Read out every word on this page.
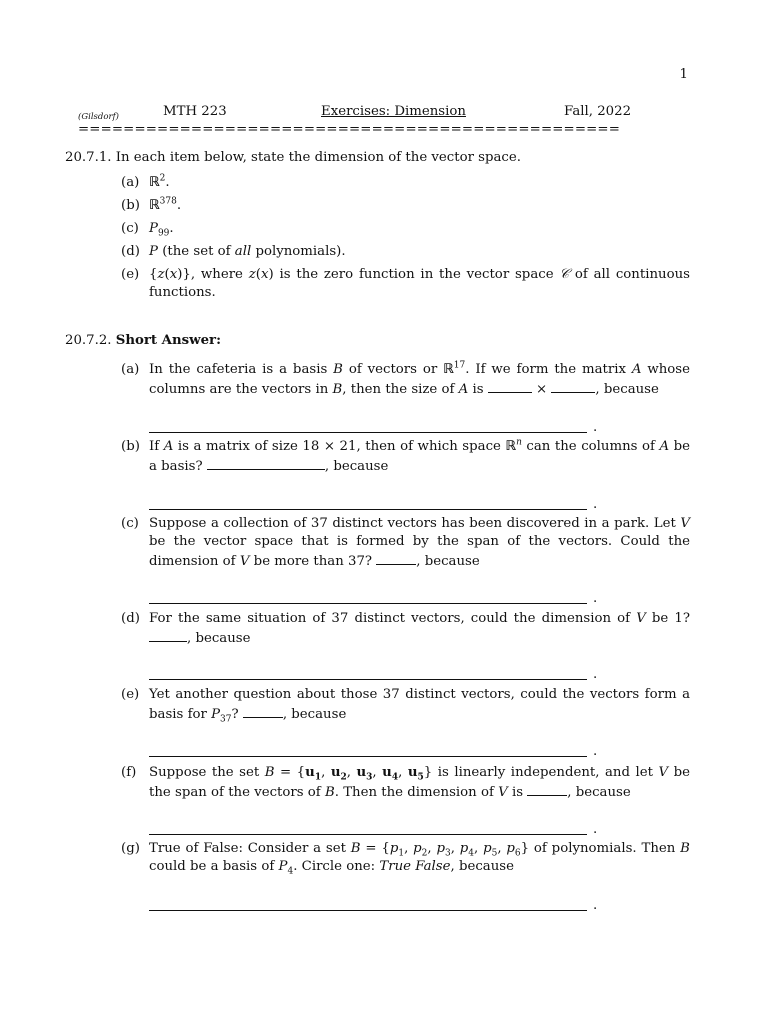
1
(Gilsdorf)	MTH 223	Exercises: Dimension	Fall, 2022
================================================
20.7.1. In each item below, state the dimension of the vector space.
(a) ℝ$^2$.
(b) ℝ$^{378}$.
(c) $P_{99}$.
(d) P (the set of all polynomials).
(e) {z(x)}, where z(x) is the zero function in the vector space 𝒞 of all continuous functions.
20.7.2. Short Answer:
(a) In the cafeteria is a basis B of vectors or ℝ$^{17}$. If we form the matrix A whose columns are the vectors in B, then the size of A is	×	, because
.
(b) If A is a matrix of size 18 × 21, then of which space ℝ$^n$ can the columns of A be a basis?	, because
.
(c) Suppose a collection of 37 distinct vectors has been discovered in a park. Let V be the vector space that is formed by the span of the vectors. Could the dimension of V be more than 37?	, because
.
(d) For the same situation of 37 distinct vectors, could the dimension of V be 1? , because
.
(e) Yet another question about those 37 distinct vectors, could the vectors form a basis for $P_{37}$?	, because
.
(f) Suppose the set $B = \{u_1$, $u_2$, $u_3$, $u_4$, $u_5$} is linearly independent, and let V be the span of the vectors of B. Then the dimension of V is	, because
.
(g) True of False: Consider a set $B = \{p_1$, $p_2$, $p_3$, $p_4$, $p_5$, $p_6$} of polynomials. Then B could be a basis of $P_4$. Circle one: True False, because
.
